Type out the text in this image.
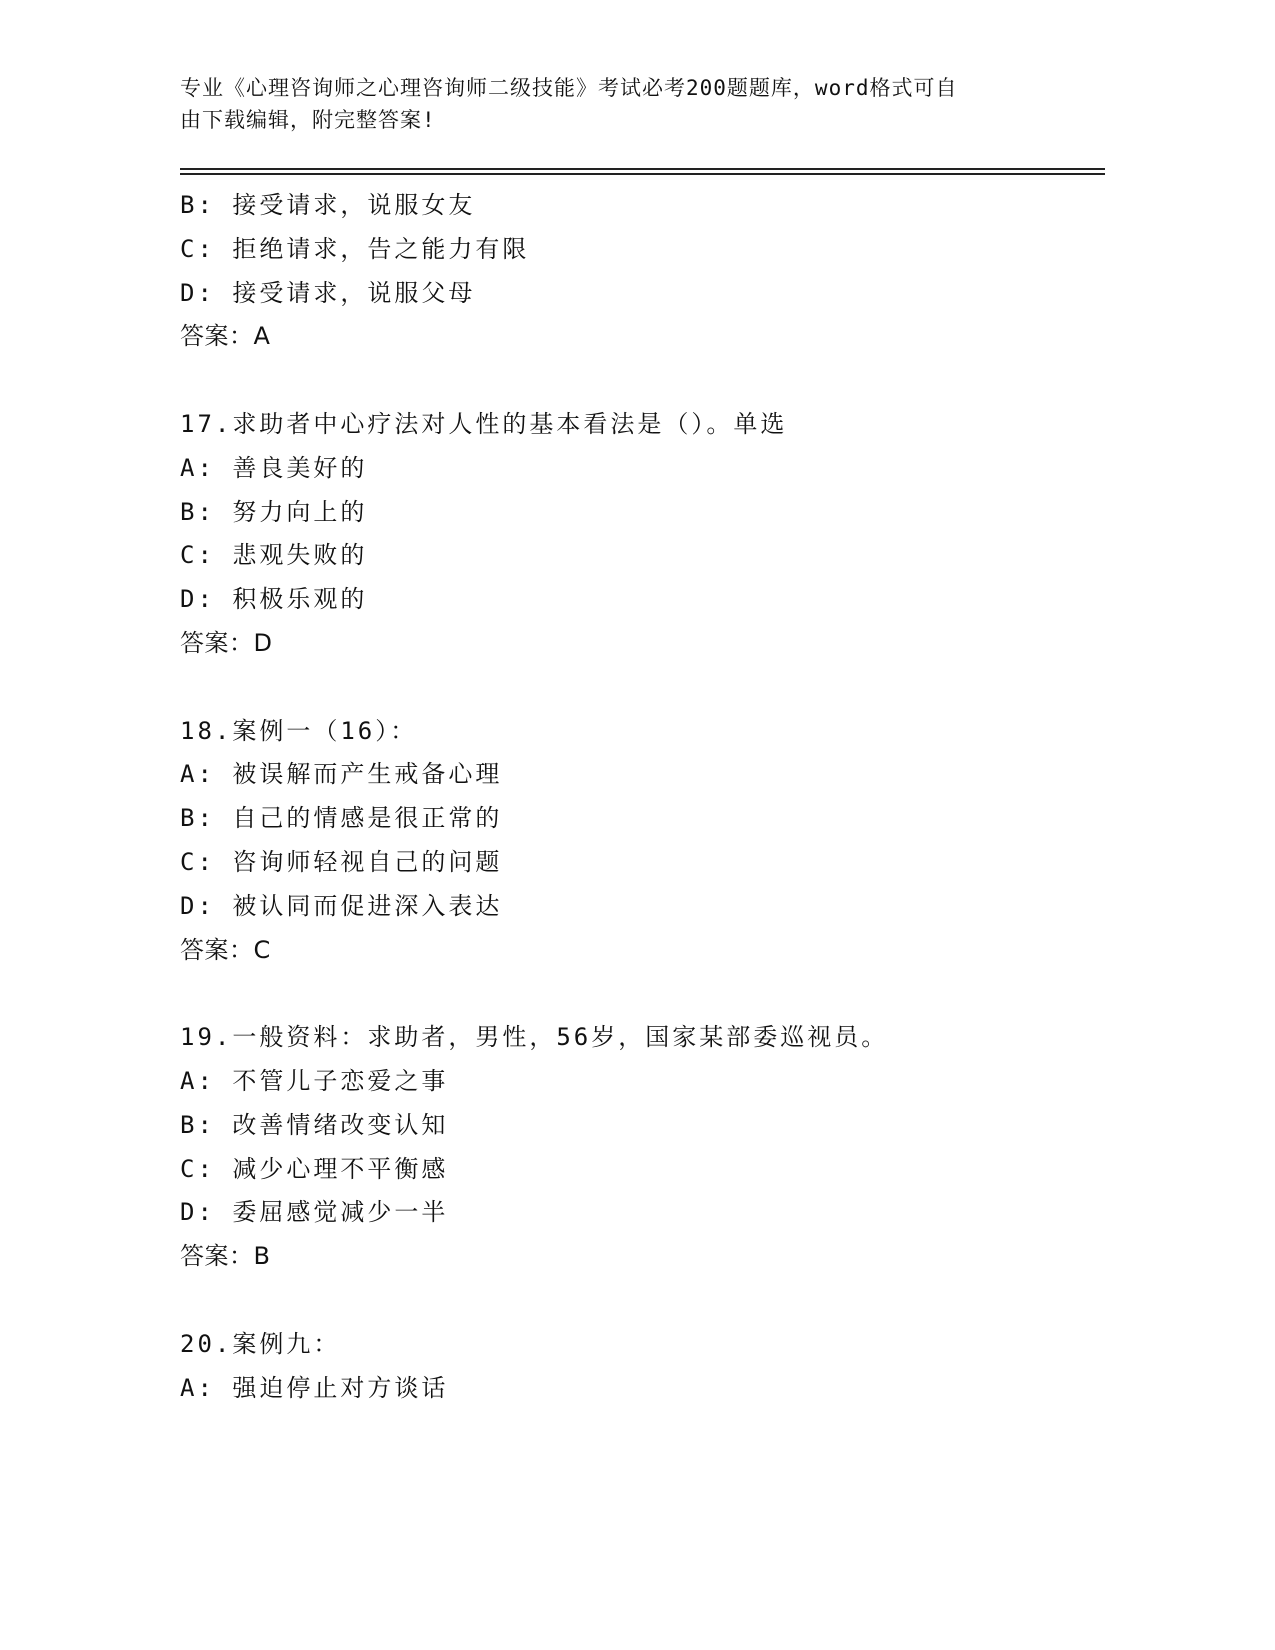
专业《心理咨询师之心理咨询师二级技能》考试必考200题题库，word格式可自
由下载编辑，附完整答案!
B: 接受请求，说服女友
C: 拒绝请求，告之能力有限
D: 接受请求，说服父母
答案：A
17.求助者中心疗法对人性的基本看法是（）。单选
A: 善良美好的
B: 努力向上的
C: 悲观失败的
D: 积极乐观的
答案：D
18.案例一（16）：
A: 被误解而产生戒备心理
B: 自己的情感是很正常的
C: 咨询师轻视自己的问题
D: 被认同而促进深入表达
答案：C
19.一般资料：求助者，男性，56岁，国家某部委巡视员。
A: 不管儿子恋爱之事
B: 改善情绪改变认知
C: 减少心理不平衡感
D: 委屈感觉减少一半
答案：B
20.案例九：
A: 强迫停止对方谈话
